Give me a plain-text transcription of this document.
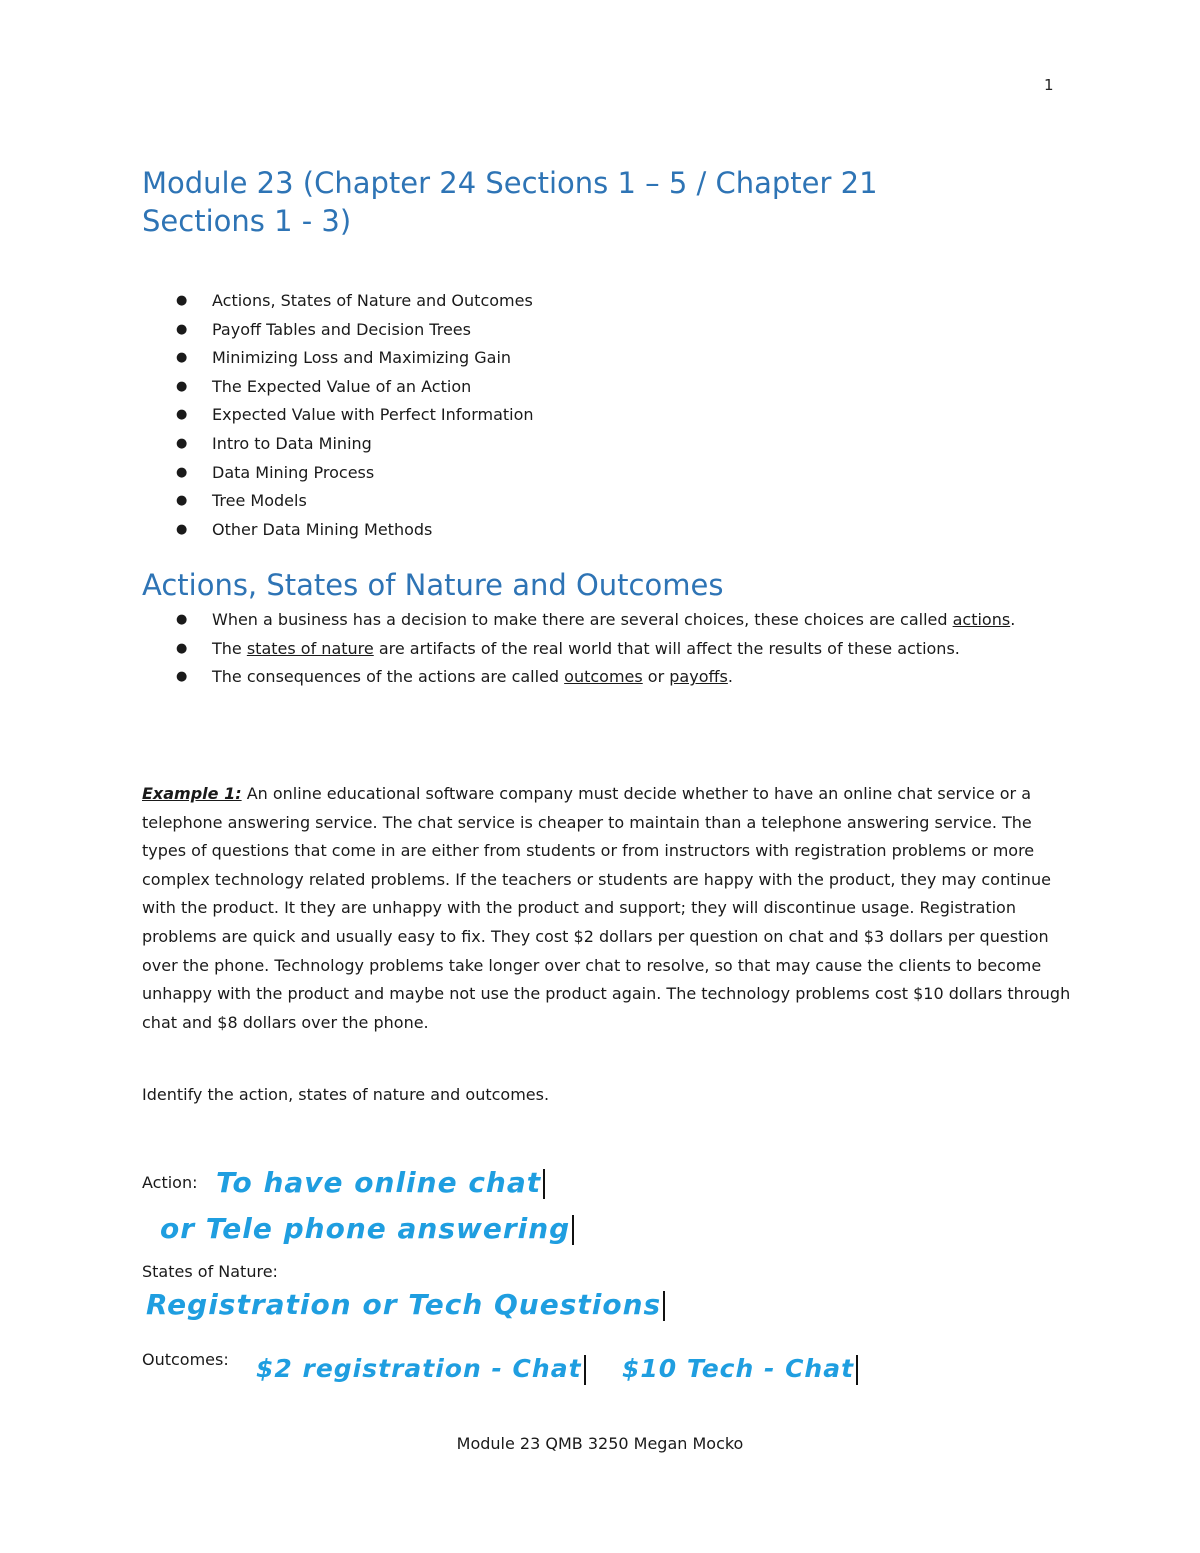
1
Module 23 (Chapter 24 Sections 1 – 5 / Chapter 21 Sections 1 - 3)
● Actions, States of Nature and Outcomes
● Payoff Tables and Decision Trees
● Minimizing Loss and Maximizing Gain
● The Expected Value of an Action
● Expected Value with Perfect Information
● Intro to Data Mining
● Data Mining Process
● Tree Models
● Other Data Mining Methods
Actions, States of Nature and Outcomes
● When a business has a decision to make there are several choices, these choices are called actions.
● The states of nature are artifacts of the real world that will affect the results of these actions.
● The consequences of the actions are called outcomes or payoffs.

Example 1: An online educational software company must decide whether to have an online chat service or a telephone answering service. The chat service is cheaper to maintain than a telephone answering service. The types of questions that come in are either from students or from instructors with registration problems or more complex technology related problems. If the teachers or students are happy with the product, they may continue with the product. It they are unhappy with the product and support; they will discontinue usage. Registration problems are quick and usually easy to fix. They cost $2 dollars per question on chat and $3 dollars per question over the phone. Technology problems take longer over chat to resolve, so that may cause the clients to become unhappy with the product and maybe not use the product again. The technology problems cost $10 dollars through chat and $8 dollars over the phone.

Identify the action, states of nature and outcomes.

Action: To have online chat
or Tele phone answering
States of Nature:
Registration or Tech Questions
Outcomes: $2 registration - Chat $10 Tech - Chat
Module 23 QMB 3250 Megan Mocko
